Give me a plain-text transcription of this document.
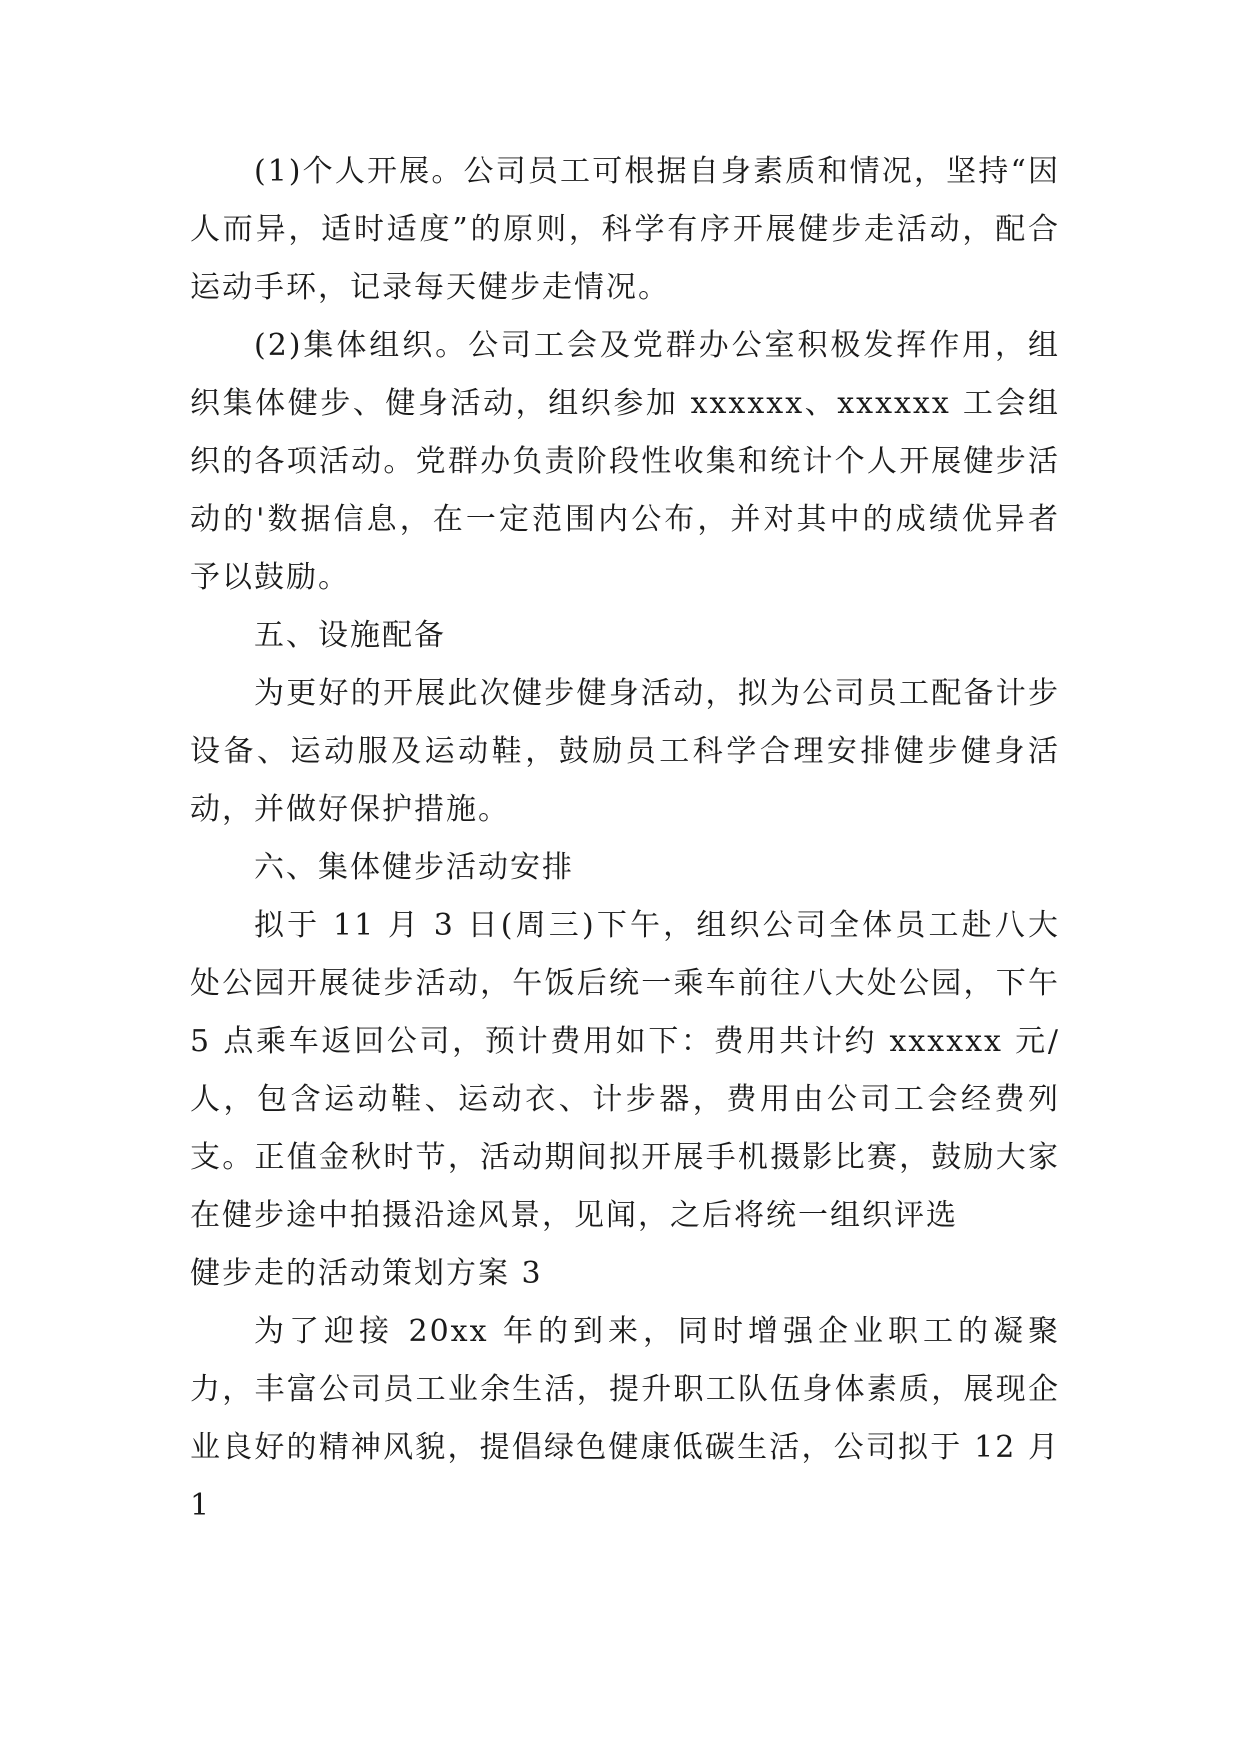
(1)个人开展。公司员工可根据自身素质和情况，坚持“因人而异，适时适度”的原则，科学有序开展健步走活动，配合运动手环，记录每天健步走情况。

(2)集体组织。公司工会及党群办公室积极发挥作用，组织集体健步、健身活动，组织参加 xxxxxx、xxxxxx 工会组织的各项活动。党群办负责阶段性收集和统计个人开展健步活动的'数据信息，在一定范围内公布，并对其中的成绩优异者予以鼓励。

五、设施配备

为更好的开展此次健步健身活动，拟为公司员工配备计步设备、运动服及运动鞋，鼓励员工科学合理安排健步健身活动，并做好保护措施。

六、集体健步活动安排

拟于 11 月 3 日(周三)下午，组织公司全体员工赴八大处公园开展徒步活动，午饭后统一乘车前往八大处公园，下午 5 点乘车返回公司，预计费用如下：费用共计约 xxxxxx 元/人，包含运动鞋、运动衣、计步器，费用由公司工会经费列支。正值金秋时节，活动期间拟开展手机摄影比赛，鼓励大家在健步途中拍摄沿途风景，见闻，之后将统一组织评选

健步走的活动策划方案 3

为了迎接 20xx 年的到来，同时增强企业职工的凝聚力，丰富公司员工业余生活，提升职工队伍身体素质，展现企业良好的精神风貌，提倡绿色健康低碳生活，公司拟于 12 月 1
